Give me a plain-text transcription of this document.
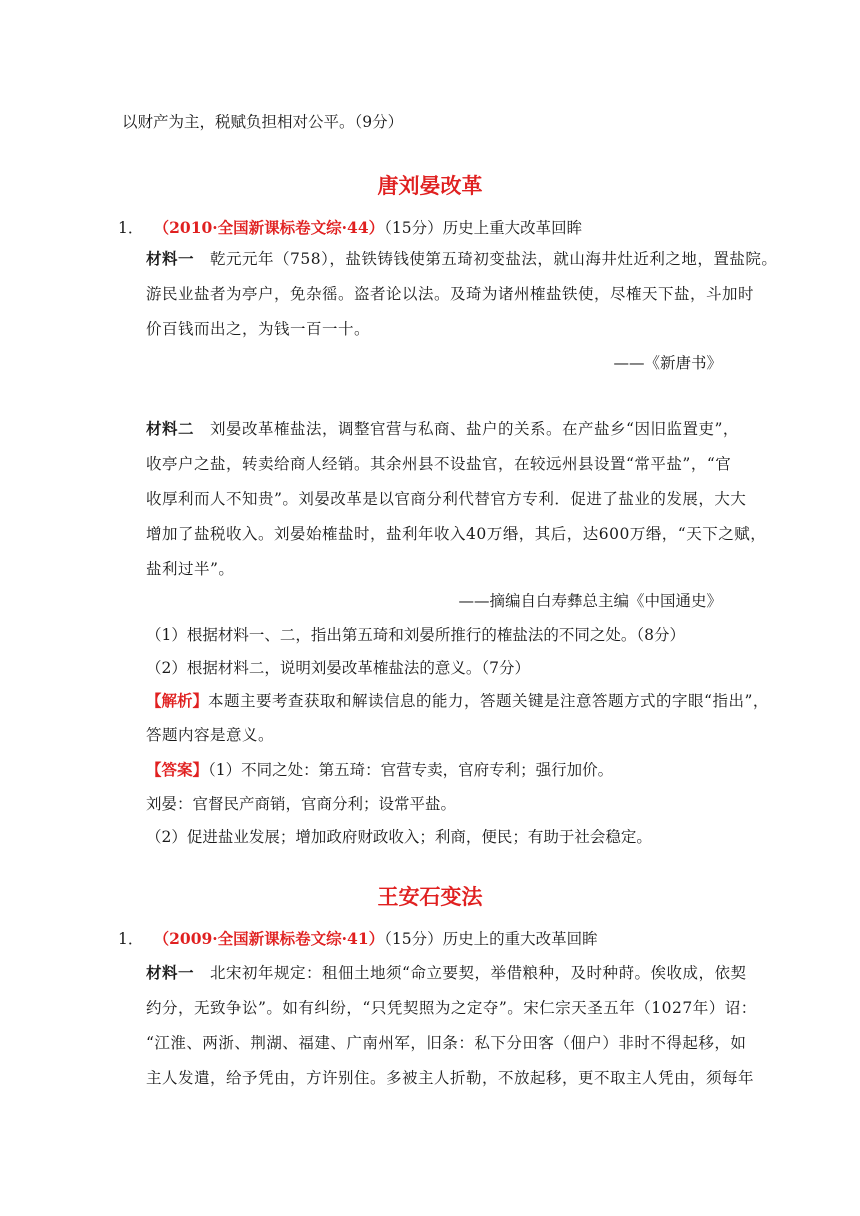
以财产为主，税赋负担相对公平。（9分）
唐刘晏改革
1． （2010·全国新课标卷文综·44）（15分）历史上重大改革回眸
材料一 乾元元年（758），盐铁铸钱使第五琦初变盐法，就山海井灶近利之地，置盐院。
游民业盐者为亭户，免杂徭。盗者论以法。及琦为诸州榷盐铁使，尽榷天下盐，斗加时
价百钱而出之，为钱一百一十。
——《新唐书》
材料二 刘晏改革榷盐法，调整官营与私商、盐户的关系。在产盐乡“因旧监置吏”，
收亭户之盐，转卖给商人经销。其余州县不设盐官，在较远州县设置“常平盐”，“官
收厚利而人不知贵”。刘晏改革是以官商分利代替官方专利．促进了盐业的发展，大大
增加了盐税收入。刘晏始榷盐时，盐利年收入40万缗，其后，达600万缗，“天下之赋，
盐利过半”。
——摘编自白寿彝总主编《中国通史》
（1）根据材料一、二，指出第五琦和刘晏所推行的榷盐法的不同之处。（8分）
（2）根据材料二，说明刘晏改革榷盐法的意义。（7分）
【解析】本题主要考查获取和解读信息的能力，答题关键是注意答题方式的字眼“指出”，
答题内容是意义。
【答案】（1）不同之处：第五琦：官营专卖，官府专利；强行加价。
刘晏：官督民产商销，官商分利；设常平盐。
（2）促进盐业发展；增加政府财政收入；利商，便民；有助于社会稳定。
王安石变法
1． （2009·全国新课标卷文综·41）（15分）历史上的重大改革回眸
材料一 北宋初年规定：租佃土地须“命立要契，举借粮种，及时种莳。俟收成，依契
约分，无致争讼”。如有纠纷，“只凭契照为之定夺”。宋仁宗天圣五年（1027年）诏：
“江淮、两浙、荆湖、福建、广南州军，旧条：私下分田客（佃户）非时不得起移，如
主人发遣，给予凭由，方许别住。多被主人折勒，不放起移，更不取主人凭由，须每年
